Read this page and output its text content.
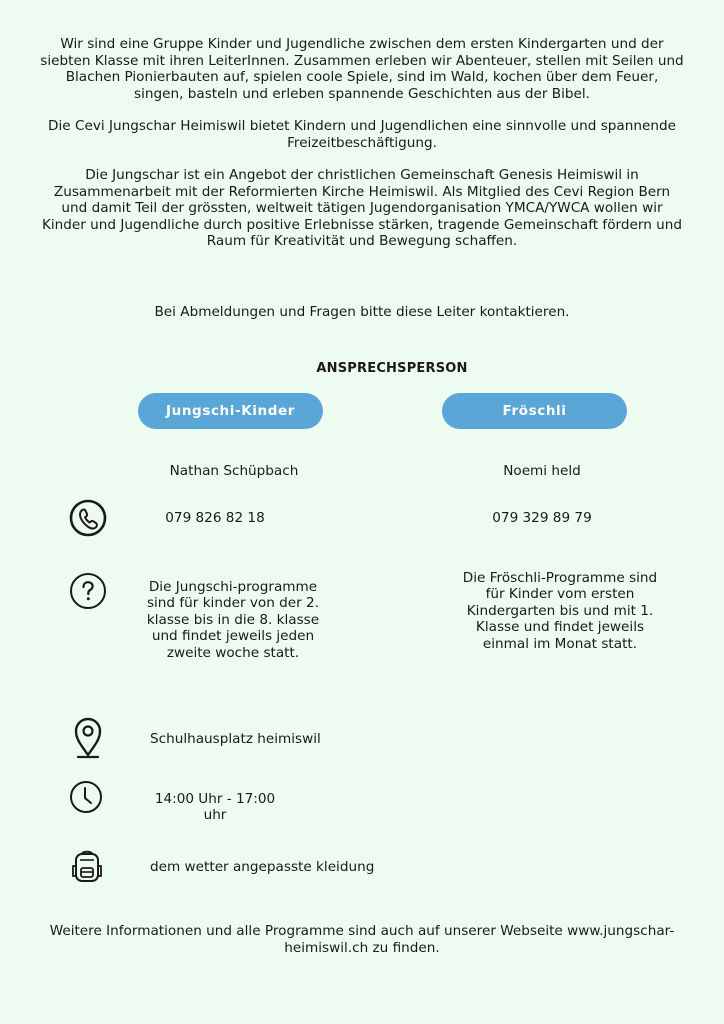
Wir sind eine Gruppe Kinder und Jugendliche zwischen dem ersten Kindergarten und der siebten Klasse mit ihren LeiterInnen. Zusammen erleben wir Abenteuer, stellen mit Seilen und Blachen Pionierbauten auf, spielen coole Spiele, sind im Wald, kochen über dem Feuer, singen, basteln und erleben spannende Geschichten aus der Bibel.

Die Cevi Jungschar Heimiswil bietet Kindern und Jugendlichen eine sinnvolle und spannende Freizeitbeschäftigung.

Die Jungschar ist ein Angebot der christlichen Gemeinschaft Genesis Heimiswil in Zusammenarbeit mit der Reformierten Kirche Heimiswil. Als Mitglied des Cevi Region Bern und damit Teil der grössten, weltweit tätigen Jugendorganisation YMCA/YWCA wollen wir Kinder und Jugendliche durch positive Erlebnisse stärken, tragende Gemeinschaft fördern und Raum für Kreativität und Bewegung schaffen.

Bei Abmeldungen und Fragen bitte diese Leiter kontaktieren.
ANSPRECHSPERSON
Jungschi-Kinder	Fröschli
Nathan Schüpbach	Noemi held
079 826 82 18	079 329 89 79
Die Jungschi-programme sind für kinder von der 2. klasse bis in die 8. klasse und findet jeweils jeden zweite woche statt.
Die Fröschli-Programme sind für Kinder vom ersten Kindergarten bis und mit 1. Klasse und findet jeweils einmal im Monat statt.
Schulhausplatz heimiswil
14:00 Uhr - 17:00 uhr
dem wetter angepasste kleidung
Weitere Informationen und alle Programme sind auch auf unserer Webseite www.jungschar-heimiswil.ch zu finden.
